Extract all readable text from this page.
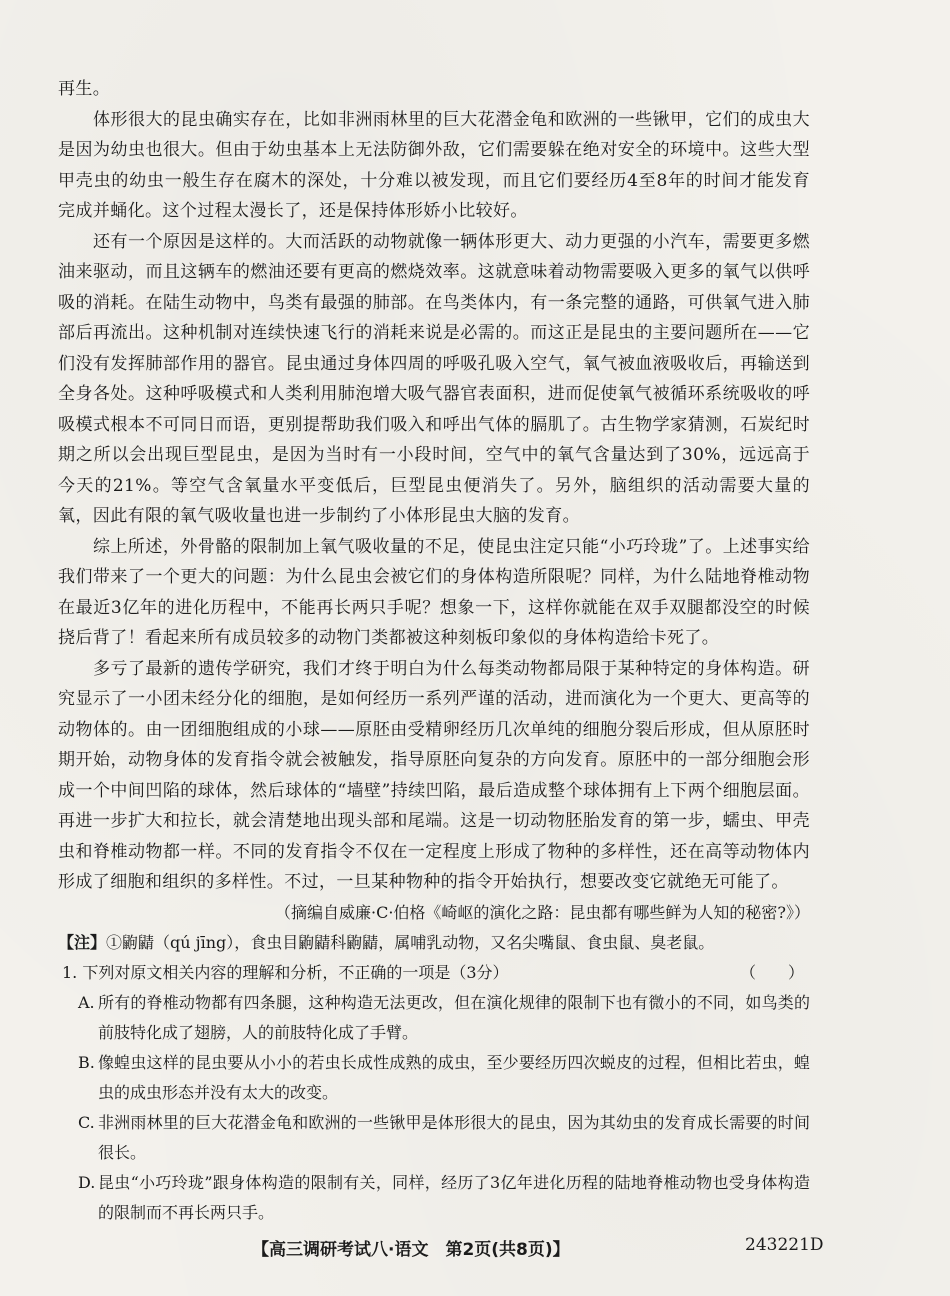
再生。

体形很大的昆虫确实存在，比如非洲雨林里的巨大花潜金龟和欧洲的一些锹甲，它们的成虫大是因为幼虫也很大。但由于幼虫基本上无法防御外敌，它们需要躲在绝对安全的环境中。这些大型甲壳虫的幼虫一般生存在腐木的深处，十分难以被发现，而且它们要经历4至8年的时间才能发育完成并蛹化。这个过程太漫长了，还是保持体形娇小比较好。

还有一个原因是这样的。大而活跃的动物就像一辆体形更大、动力更强的小汽车，需要更多燃油来驱动，而且这辆车的燃油还要有更高的燃烧效率。这就意味着动物需要吸入更多的氧气以供呼吸的消耗。在陆生动物中，鸟类有最强的肺部。在鸟类体内，有一条完整的通路，可供氧气进入肺部后再流出。这种机制对连续快速飞行的消耗来说是必需的。而这正是昆虫的主要问题所在——它们没有发挥肺部作用的器官。昆虫通过身体四周的呼吸孔吸入空气，氧气被血液吸收后，再输送到全身各处。这种呼吸模式和人类利用肺泡增大吸气器官表面积，进而促使氧气被循环系统吸收的呼吸模式根本不可同日而语，更别提帮助我们吸入和呼出气体的膈肌了。古生物学家猜测，石炭纪时期之所以会出现巨型昆虫，是因为当时有一小段时间，空气中的氧气含量达到了30%，远远高于今天的21%。等空气含氧量水平变低后，巨型昆虫便消失了。另外，脑组织的活动需要大量的氧，因此有限的氧气吸收量也进一步制约了小体形昆虫大脑的发育。

综上所述，外骨骼的限制加上氧气吸收量的不足，使昆虫注定只能“小巧玲珑”了。上述事实给我们带来了一个更大的问题：为什么昆虫会被它们的身体构造所限呢？同样，为什么陆地脊椎动物在最近3亿年的进化历程中，不能再长两只手呢？想象一下，这样你就能在双手双腿都没空的时候挠后背了！看起来所有成员较多的动物门类都被这种刻板印象似的身体构造给卡死了。

多亏了最新的遗传学研究，我们才终于明白为什么每类动物都局限于某种特定的身体构造。研究显示了一小团未经分化的细胞，是如何经历一系列严谨的活动，进而演化为一个更大、更高等的动物体的。由一团细胞组成的小球——原胚由受精卵经历几次单纯的细胞分裂后形成，但从原胚时期开始，动物身体的发育指令就会被触发，指导原胚向复杂的方向发育。原胚中的一部分细胞会形成一个中间凹陷的球体，然后球体的“墙壁”持续凹陷，最后造成整个球体拥有上下两个细胞层面。再进一步扩大和拉长，就会清楚地出现头部和尾端。这是一切动物胚胎发育的第一步，蠕虫、甲壳虫和脊椎动物都一样。不同的发育指令不仅在一定程度上形成了物种的多样性，还在高等动物体内形成了细胞和组织的多样性。不过，一旦某种物种的指令开始执行，想要改变它就绝无可能了。

（摘编自威廉·C·伯格《崎岖的演化之路：昆虫都有哪些鲜为人知的秘密?》）

【注】①鼩鼱（qú jīng），食虫目鼩鼱科鼩鼱，属哺乳动物，又名尖嘴鼠、食虫鼠、臭老鼠。

1. 下列对原文相关内容的理解和分析，不正确的一项是（3分）	（　　）

A. 所有的脊椎动物都有四条腿，这种构造无法更改，但在演化规律的限制下也有微小的不同，如鸟类的前肢特化成了翅膀，人的前肢特化成了手臂。

B. 像蝗虫这样的昆虫要从小小的若虫长成性成熟的成虫，至少要经历四次蜕皮的过程，但相比若虫，蝗虫的成虫形态并没有太大的改变。

C. 非洲雨林里的巨大花潜金龟和欧洲的一些锹甲是体形很大的昆虫，因为其幼虫的发育成长需要的时间很长。

D. 昆虫“小巧玲珑”跟身体构造的限制有关，同样，经历了3亿年进化历程的陆地脊椎动物也受身体构造的限制而不再长两只手。

【高三调研考试八·语文　第2页(共8页)】	243221D
